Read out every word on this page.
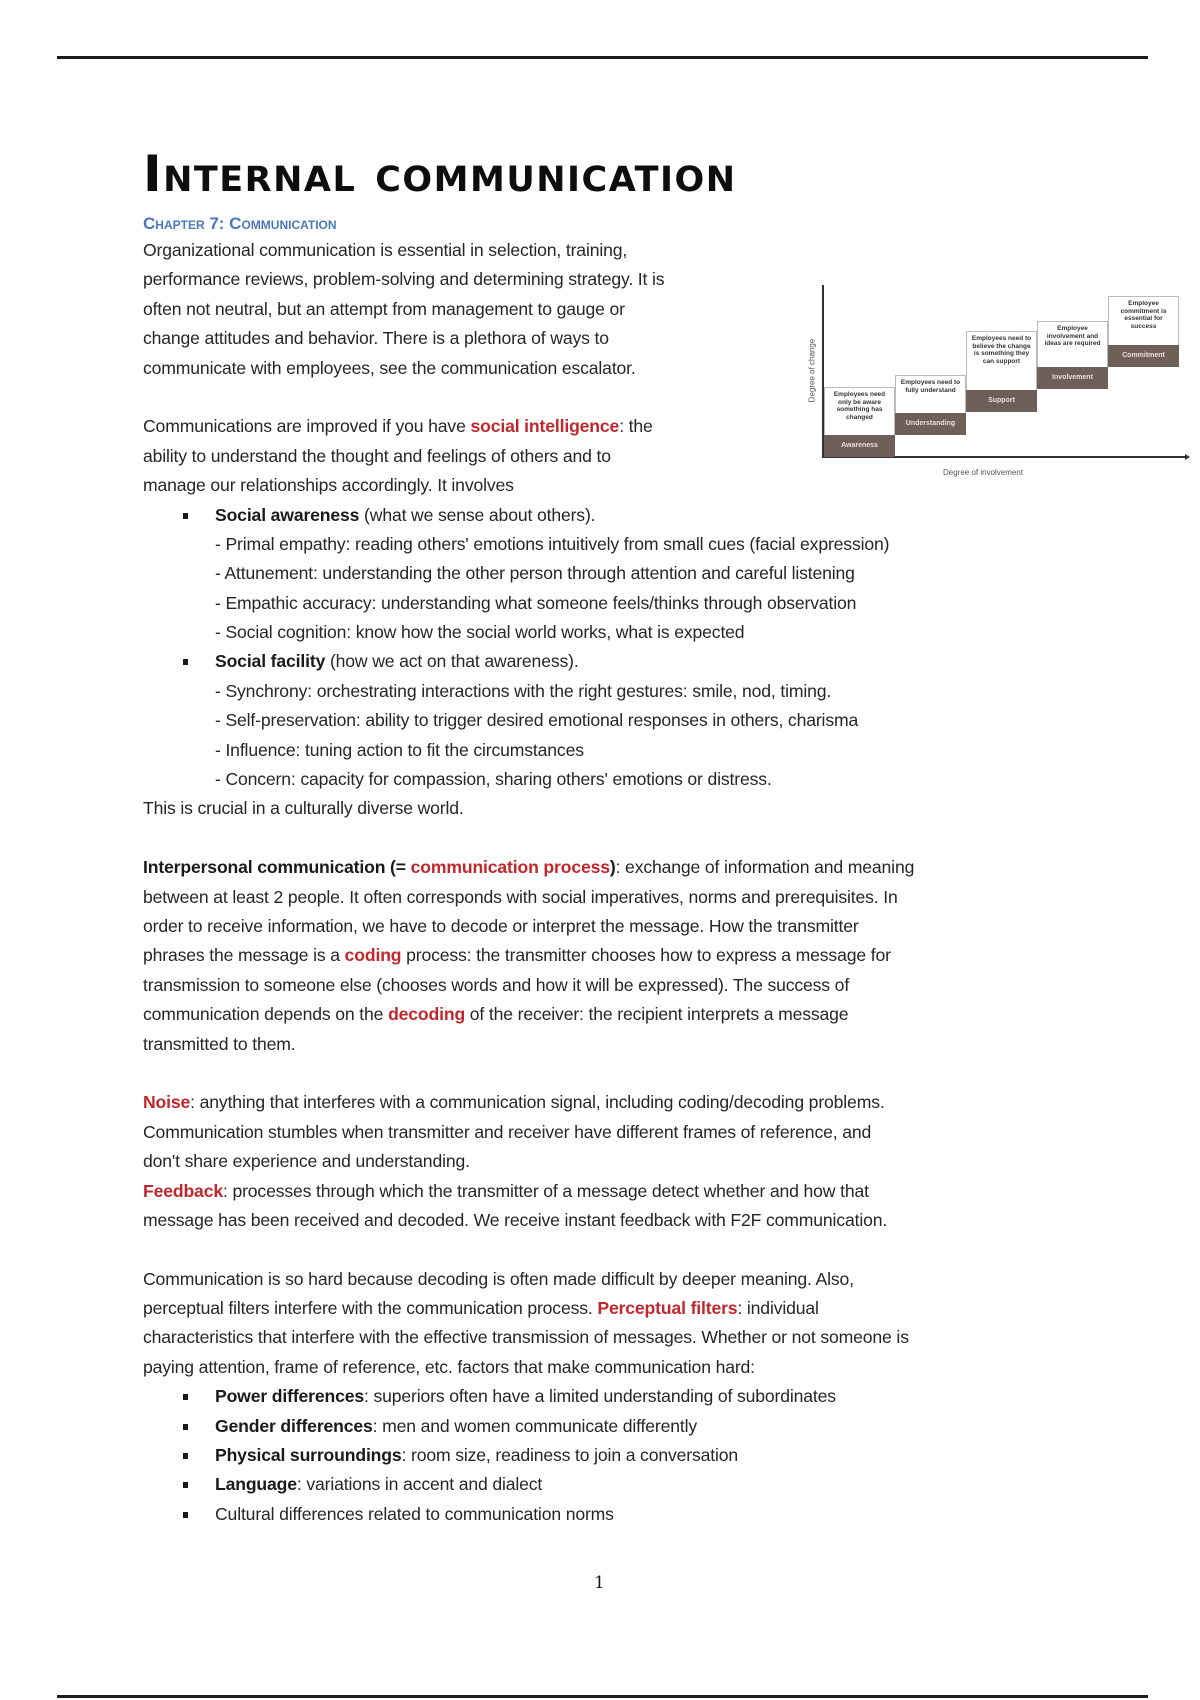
Internal communication
Chapter 7: Communication
Degree of change
Degree of involvement
Employees need only be aware something has changed
Awareness
Employees need to fully understand
Understanding
Employees need to believe the change is something they can support
Support
Employee involvement and ideas are required
Involvement
Employee commitment is essential for success
Commitment
Organizational communication is essential in selection, training,
performance reviews, problem-solving and determining strategy. It is
often not neutral, but an attempt from management to gauge or
change attitudes and behavior. There is a plethora of ways to
communicate with employees, see the communication escalator.
Communications are improved if you have social intelligence: the
ability to understand the thought and feelings of others and to
manage our relationships accordingly. It involves
Social awareness (what we sense about others).
- Primal empathy: reading others' emotions intuitively from small cues (facial expression)
- Attunement: understanding the other person through attention and careful listening
- Empathic accuracy: understanding what someone feels/thinks through observation
- Social cognition: know how the social world works, what is expected
Social facility (how we act on that awareness).
- Synchrony: orchestrating interactions with the right gestures: smile, nod, timing.
- Self-preservation: ability to trigger desired emotional responses in others, charisma
- Influence: tuning action to fit the circumstances
- Concern: capacity for compassion, sharing others' emotions or distress.
This is crucial in a culturally diverse world.
Interpersonal communication (= communication process): exchange of information and meaning
between at least 2 people. It often corresponds with social imperatives, norms and prerequisites. In
order to receive information, we have to decode or interpret the message. How the transmitter
phrases the message is a coding process: the transmitter chooses how to express a message for
transmission to someone else (chooses words and how it will be expressed). The success of
communication depends on the decoding of the receiver: the recipient interprets a message
transmitted to them.
Noise: anything that interferes with a communication signal, including coding/decoding problems.
Communication stumbles when transmitter and receiver have different frames of reference, and
don't share experience and understanding.
Feedback: processes through which the transmitter of a message detect whether and how that
message has been received and decoded. We receive instant feedback with F2F communication.
Communication is so hard because decoding is often made difficult by deeper meaning. Also,
perceptual filters interfere with the communication process. Perceptual filters: individual
characteristics that interfere with the effective transmission of messages. Whether or not someone is
paying attention, frame of reference, etc. factors that make communication hard:
Power differences: superiors often have a limited understanding of subordinates
Gender differences: men and women communicate differently
Physical surroundings: room size, readiness to join a conversation
Language: variations in accent and dialect
Cultural differences related to communication norms
1
